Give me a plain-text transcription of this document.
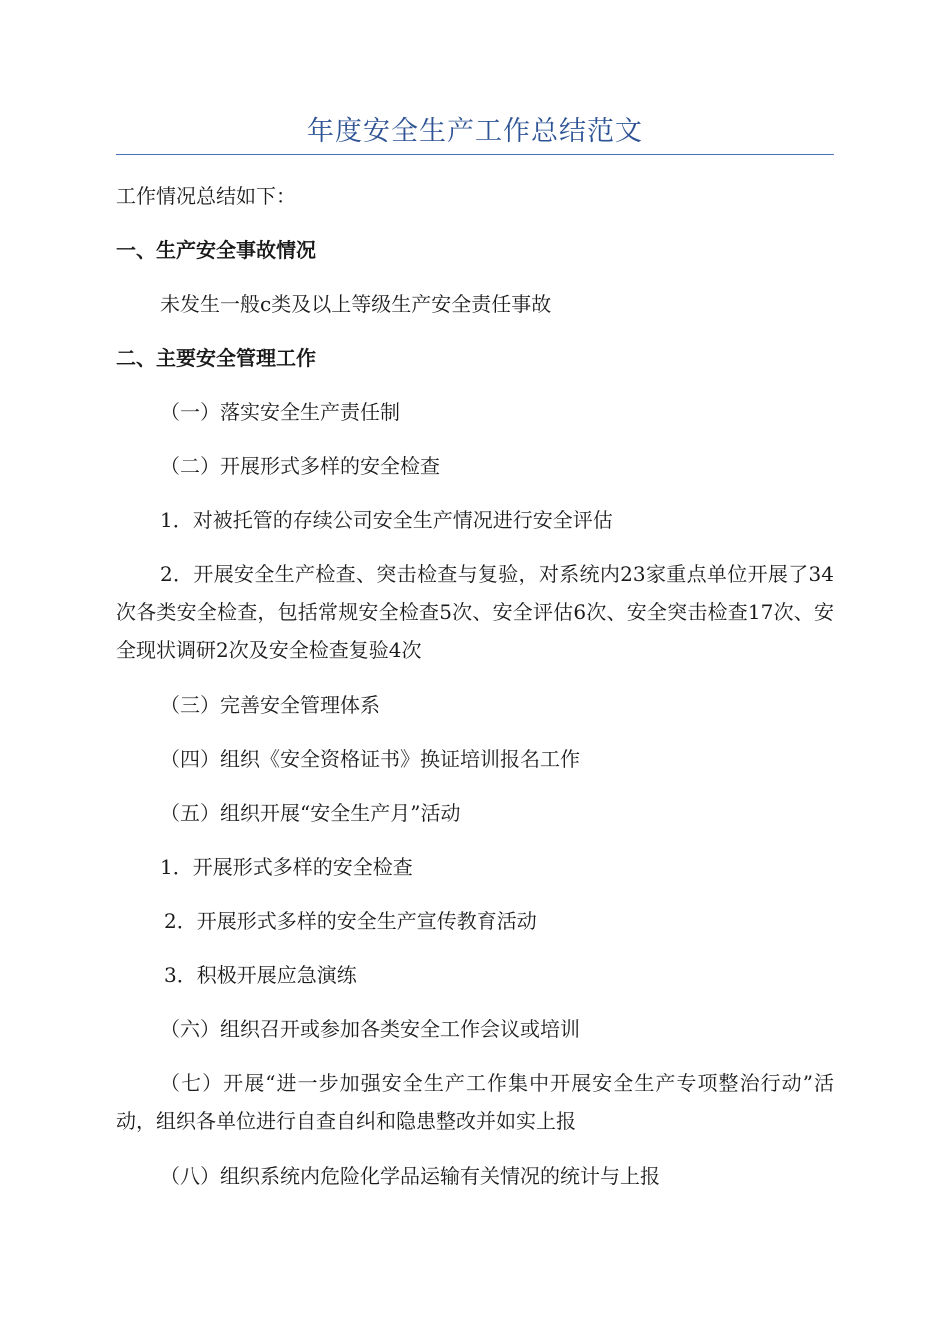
年度安全生产工作总结范文
工作情况总结如下：
一、生产安全事故情况
未发生一般c类及以上等级生产安全责任事故
二、主要安全管理工作
（一）落实安全生产责任制
（二）开展形式多样的安全检查
1．对被托管的存续公司安全生产情况进行安全评估
2．开展安全生产检查、突击检查与复验，对系统内23家重点单位开展了34次各类安全检查，包括常规安全检查5次、安全评估6次、安全突击检查17次、安全现状调研2次及安全检查复验4次
（三）完善安全管理体系
（四）组织《安全资格证书》换证培训报名工作
（五）组织开展“安全生产月”活动
1．开展形式多样的安全检查
2．开展形式多样的安全生产宣传教育活动
3．积极开展应急演练
（六）组织召开或参加各类安全工作会议或培训
（七）开展“进一步加强安全生产工作集中开展安全生产专项整治行动”活动，组织各单位进行自查自纠和隐患整改并如实上报
（八）组织系统内危险化学品运输有关情况的统计与上报
